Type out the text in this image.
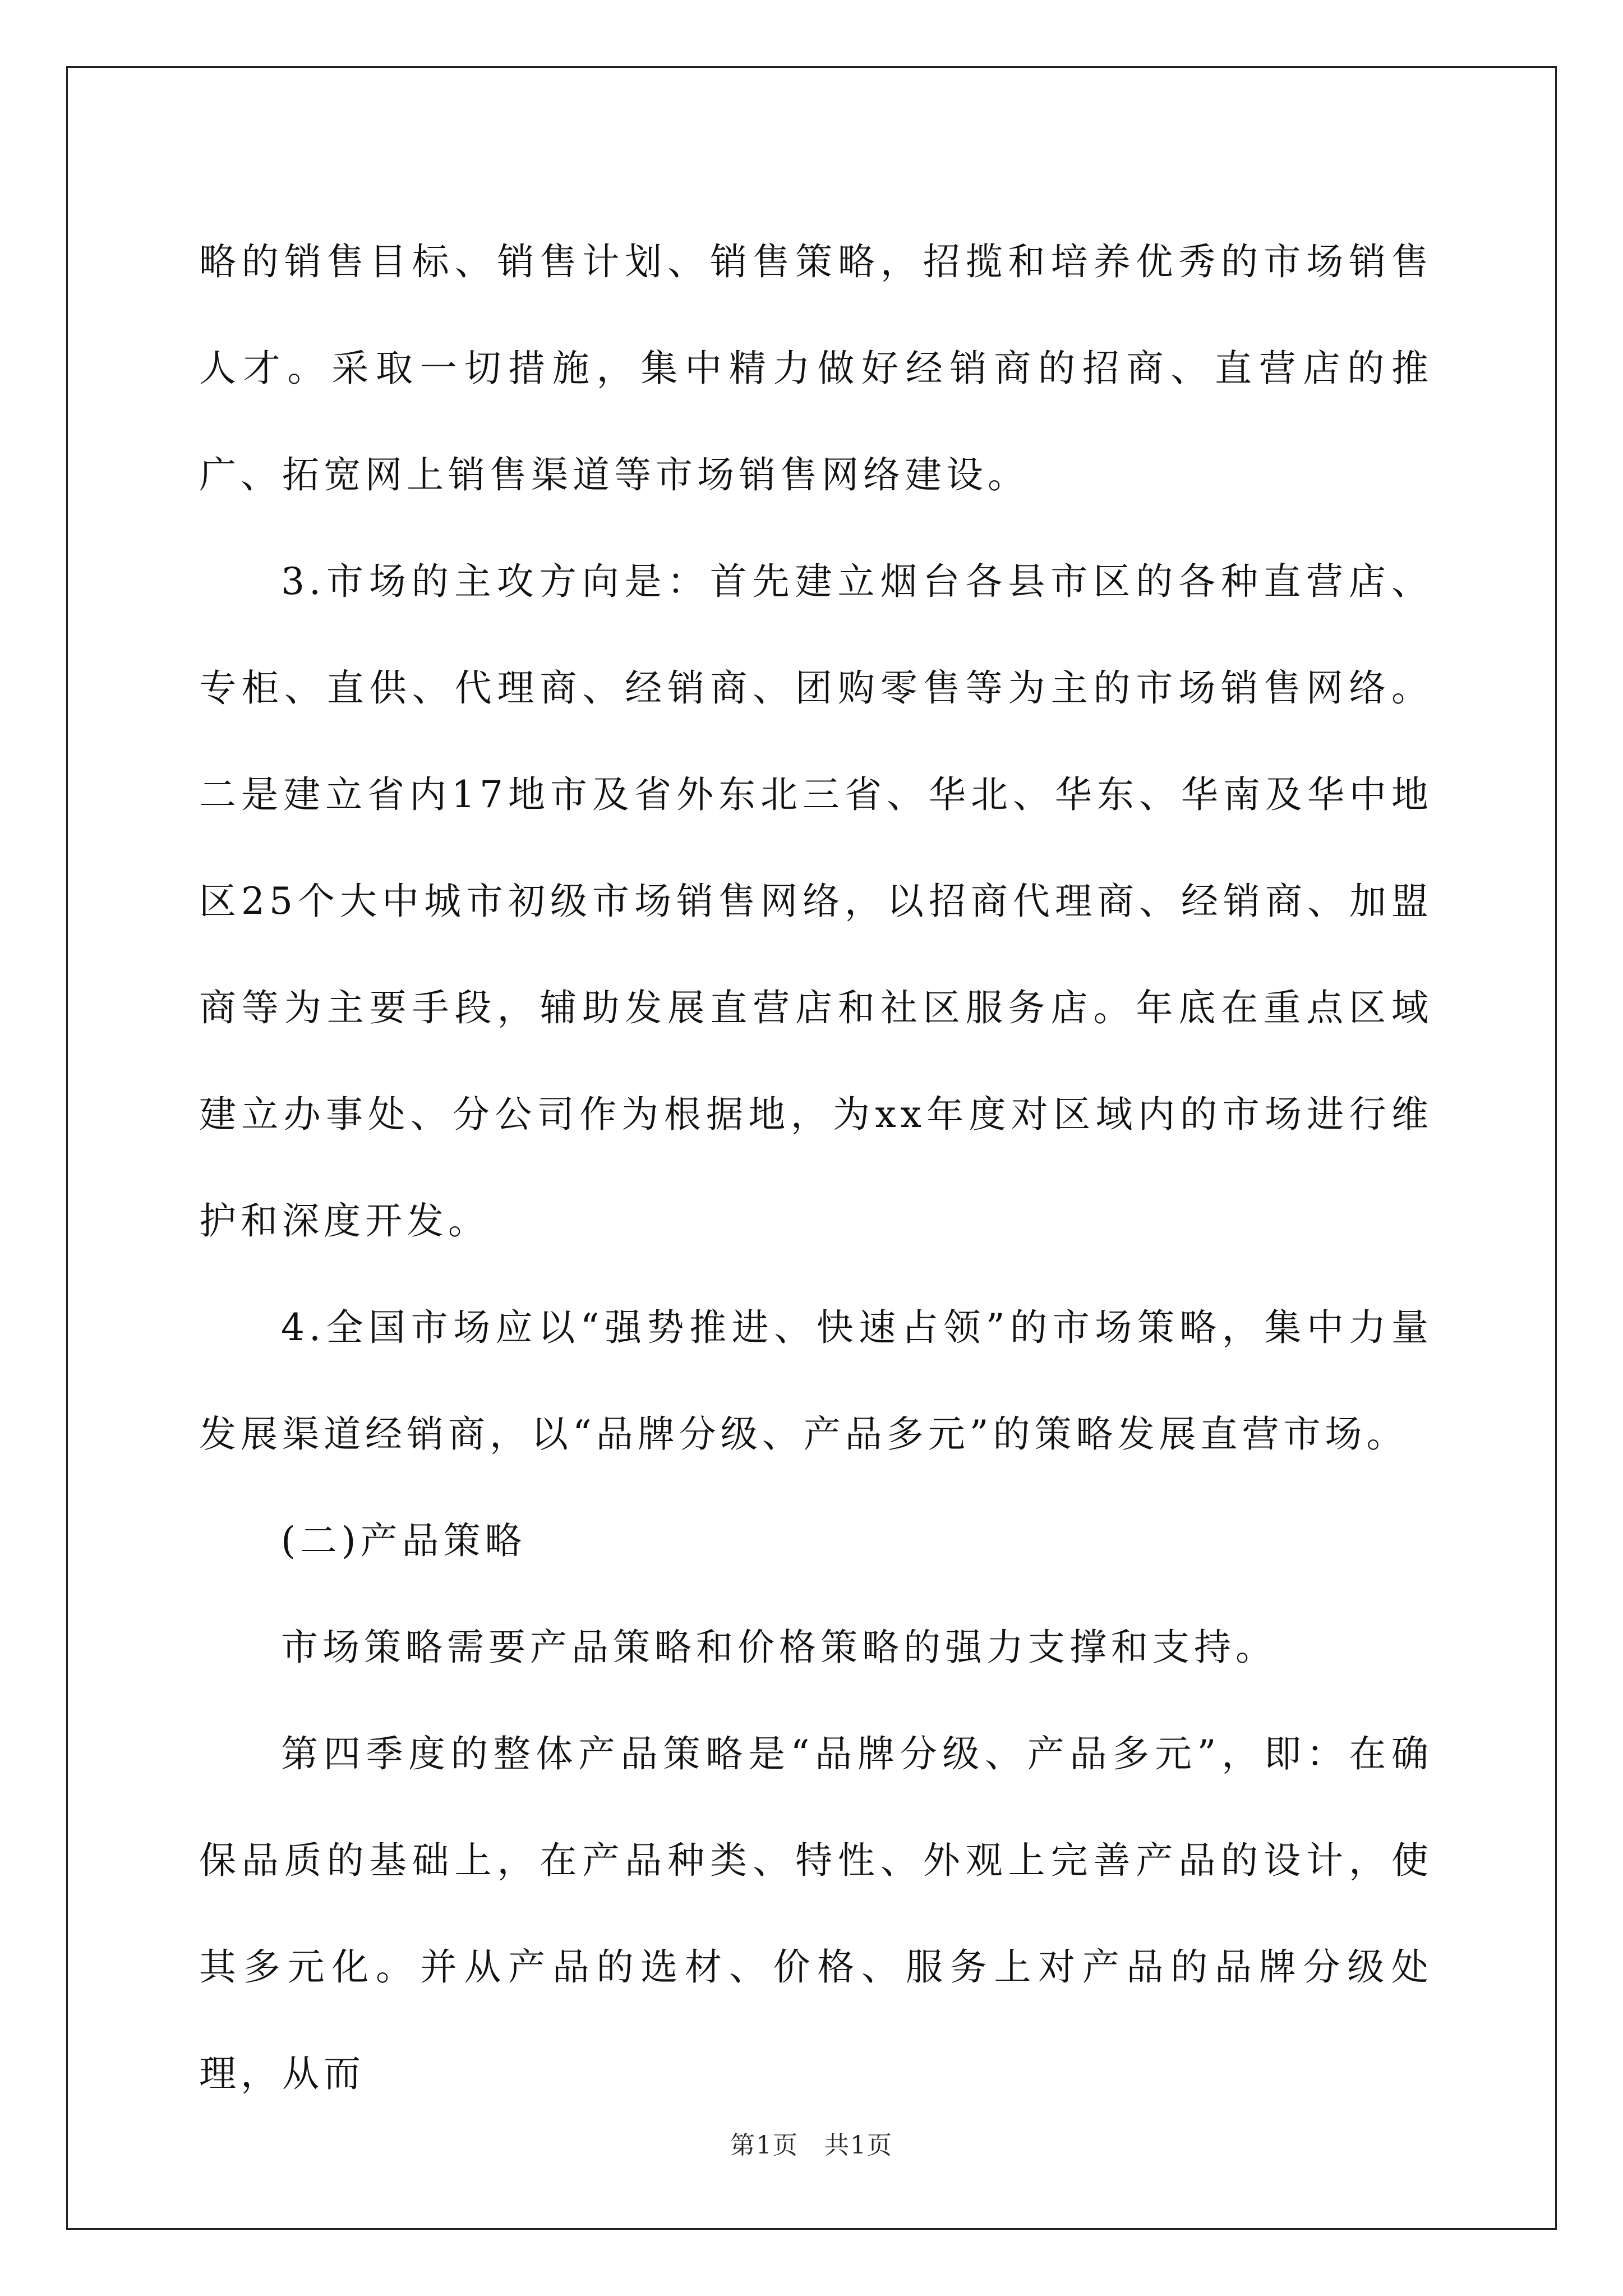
略的销售目标、销售计划、销售策略，招揽和培养优秀的市场销售人才。采取一切措施，集中精力做好经销商的招商、直营店的推广、拓宽网上销售渠道等市场销售网络建设。

3.市场的主攻方向是：首先建立烟台各县市区的各种直营店、专柜、直供、代理商、经销商、团购零售等为主的市场销售网络。二是建立省内17地市及省外东北三省、华北、华东、华南及华中地区25个大中城市初级市场销售网络，以招商代理商、经销商、加盟商等为主要手段，辅助发展直营店和社区服务店。年底在重点区域建立办事处、分公司作为根据地，为xx年度对区域内的市场进行维护和深度开发。

4.全国市场应以“强势推进、快速占领”的市场策略，集中力量发展渠道经销商，以“品牌分级、产品多元”的策略发展直营市场。

(二)产品策略

市场策略需要产品策略和价格策略的强力支撑和支持。

第四季度的整体产品策略是“品牌分级、产品多元”，即：在确保品质的基础上，在产品种类、特性、外观上完善产品的设计，使其多元化。并从产品的选材、价格、服务上对产品的品牌分级处理，从而

第1页　共1页
